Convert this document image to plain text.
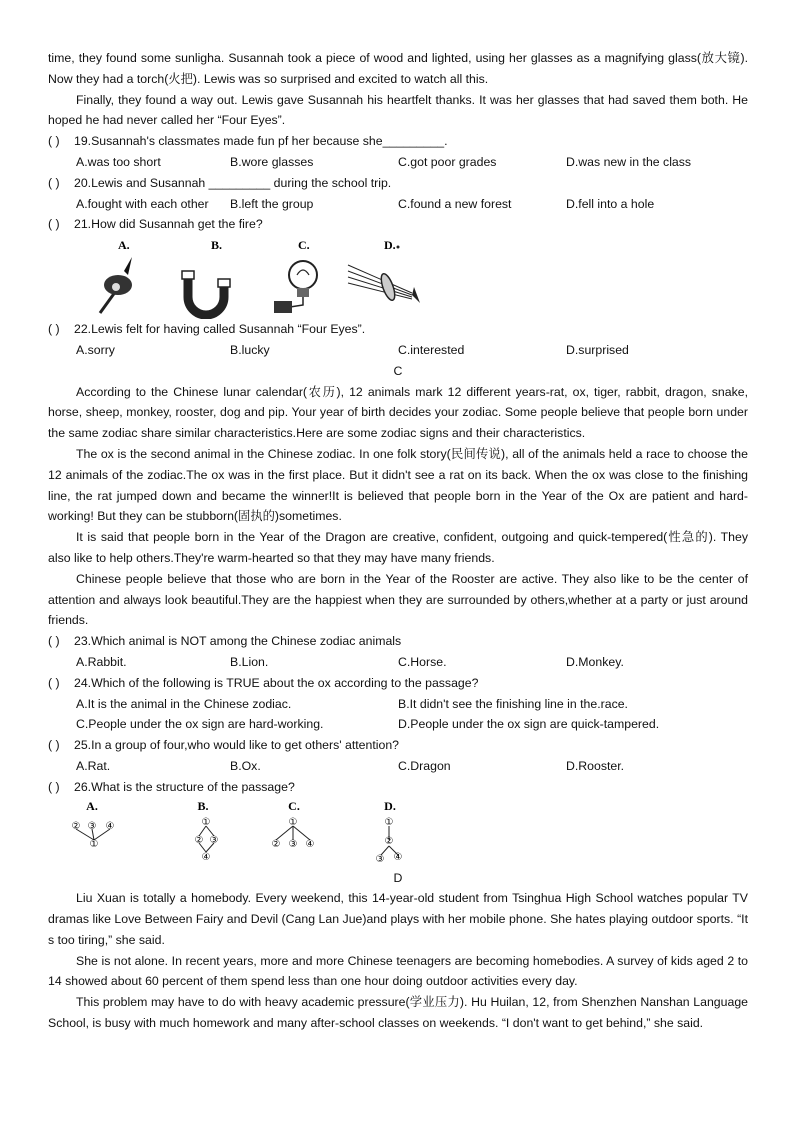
time, they found some sunligha. Susannah took a piece of wood and lighted, using her glasses as a magnifying glass(放大镜). Now they had a torch(火把). Lewis was so surprised and excited to watch all this.

Finally, they found a way out. Lewis gave Susannah his heartfelt thanks. It was her glasses that had saved them both. He hoped he had never called her “Four Eyes”.

( ) 19.Susannah's classmates made fun pf her because she_________.

A.was too short	B.wore glasses	C.got poor grades	D.was new in the class

( ) 20.Lewis and Susannah _________ during the school trip.

A.fought with each other B.left the group	C.found a new forest	D.fell into a hole

( ) 21.How did Susannah get the fire?

A.	B.	C.	D.

( ) 22.Lewis felt for having called Susannah “Four Eyes”.

A.sorry	B.lucky	C.interested	D.surprised

C

According to the Chinese lunar calendar(农历), 12 animals mark 12 different years-rat, ox, tiger, rabbit, dragon, snake, horse, sheep, monkey, rooster, dog and pip. Your year of birth decides your zodiac. Some people believe that people born under the same zodiac share similar characteristics.Here are some zodiac signs and their characteristics.

The ox is the second animal in the Chinese zodiac. In one folk story(民间传说), all of the animals held a race to choose the 12 animals of the zodiac.The ox was in the first place. But it didn't see a rat on its back. When the ox was close to the finishing line, the rat jumped down and became the winner!It is believed that people born in the Year of the Ox are patient and hard-working! But they can be stubborn(固执的)sometimes.

It is said that people born in the Year of the Dragon are creative, confident, outgoing and quick-tempered(性急的). They also like to help others.They're warm-hearted so that they may have many friends.

Chinese people believe that those who are born in the Year of the Rooster are active. They also like to be the center of attention and always look beautiful.They are the happiest when they are surrounded by others,whether at a party or just around friends.

( ) 23.Which animal is NOT among the Chinese zodiac animals

A.Rabbit.	B.Lion.	C.Horse.	D.Monkey.

( ) 24.Which of the following is TRUE about the ox according to the passage?

A.It is the animal in the Chinese zodiac.	B.It didn't see the finishing line in the.race.
C.People under the ox sign are hard-working.	D.People under the ox sign are quick-tampered.

( ) 25.In a group of four,who would like to get others' attention?

A.Rat.	B.Ox.	C.Dragon	D.Rooster.

( ) 26.What is the structure of the passage?

A.	B.	C.	D.
② ③ ④
①
①
② ③
④
①
② ③ ④
①
②
③ ④

D

Liu Xuan is totally a homebody. Every weekend, this 14-year-old student from Tsinghua High School watches popular TV dramas like Love Between Fairy and Devil (Cang Lan Jue)and plays with her mobile phone. She hates playing outdoor sports. “It s too tiring,” she said.

She is not alone. In recent years, more and more Chinese teenagers are becoming homebodies. A survey of kids aged 2 to 14 showed about 60 percent of them spend less than one hour doing outdoor activities every day.

This problem may have to do with heavy academic pressure(学业压力). Hu Huilan, 12, from Shenzhen Nanshan Language School, is busy with much homework and many after-school classes on weekends. “I don't want to get behind,” she said.
